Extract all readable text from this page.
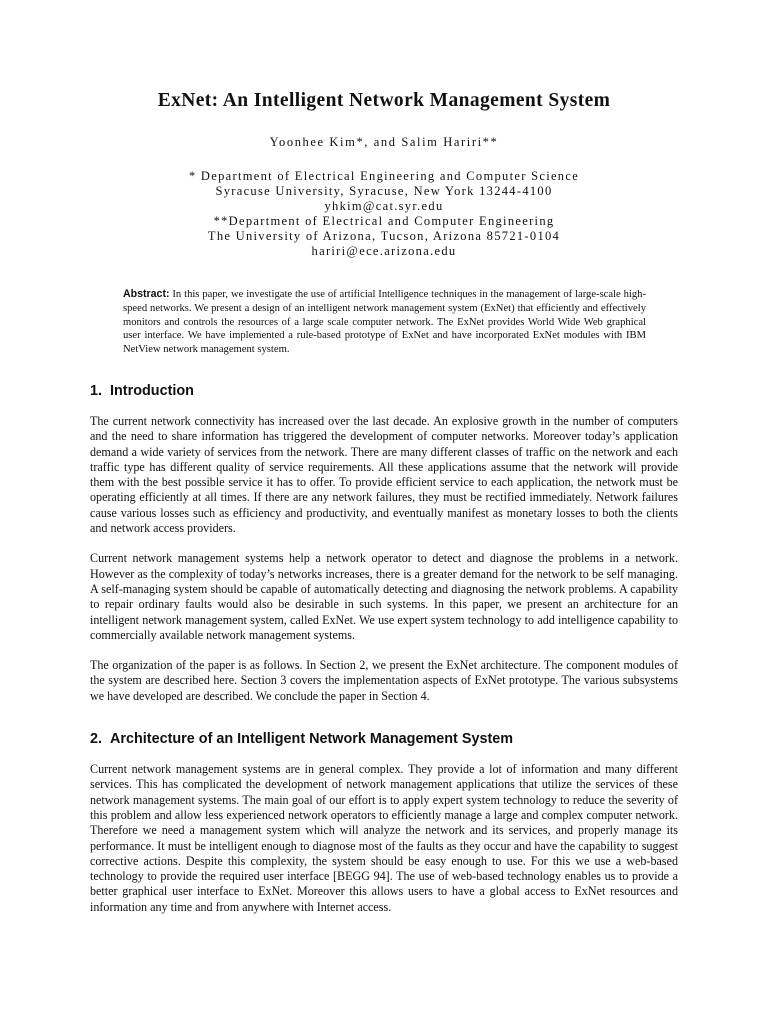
ExNet: An Intelligent Network Management System
Yoonhee Kim*, and Salim Hariri**
* Department of Electrical Engineering and Computer Science
Syracuse University, Syracuse, New York 13244-4100
yhkim@cat.syr.edu
**Department of Electrical and Computer Engineering
The University of Arizona, Tucson, Arizona 85721-0104
hariri@ece.arizona.edu
Abstract: In this paper, we investigate the use of artificial Intelligence techniques in the management of large-scale high-speed networks. We present a design of an intelligent network management system (ExNet) that efficiently and effectively monitors and controls the resources of a large scale computer network. The ExNet provides World Wide Web graphical user interface. We have implemented a rule-based prototype of ExNet and have incorporated ExNet modules with IBM NetView network management system.
1. Introduction

The current network connectivity has increased over the last decade. An explosive growth in the number of computers and the need to share information has triggered the development of computer networks. Moreover today’s application demand a wide variety of services from the network. There are many different classes of traffic on the network and each traffic type has different quality of service requirements. All these applications assume that the network will provide them with the best possible service it has to offer. To provide efficient service to each application, the network must be operating efficiently at all times. If there are any network failures, they must be rectified immediately. Network failures cause various losses such as efficiency and productivity, and eventually manifest as monetary losses to both the clients and network access providers.

Current network management systems help a network operator to detect and diagnose the problems in a network. However as the complexity of today’s networks increases, there is a greater demand for the network to be self managing. A self-managing system should be capable of automatically detecting and diagnosing the network problems. A capability to repair ordinary faults would also be desirable in such systems. In this paper, we present an architecture for an intelligent network management system, called ExNet. We use expert system technology to add intelligence capability to commercially available network management systems.

The organization of the paper is as follows. In Section 2, we present the ExNet architecture. The component modules of the system are described here. Section 3 covers the implementation aspects of ExNet prototype. The various subsystems we have developed are described. We conclude the paper in Section 4.

2. Architecture of an Intelligent Network Management System

Current network management systems are in general complex. They provide a lot of information and many different services. This has complicated the development of network management applications that utilize the services of these network management systems. The main goal of our effort is to apply expert system technology to reduce the severity of this problem and allow less experienced network operators to efficiently manage a large and complex computer network. Therefore we need a management system which will analyze the network and its services, and properly manage its performance. It must be intelligent enough to diagnose most of the faults as they occur and have the capability to suggest corrective actions. Despite this complexity, the system should be easy enough to use. For this we use a web-based technology to provide the required user interface [BEGG 94]. The use of web-based technology enables us to provide a better graphical user interface to ExNet. Moreover this allows users to have a global access to ExNet resources and information any time and from anywhere with Internet access.
